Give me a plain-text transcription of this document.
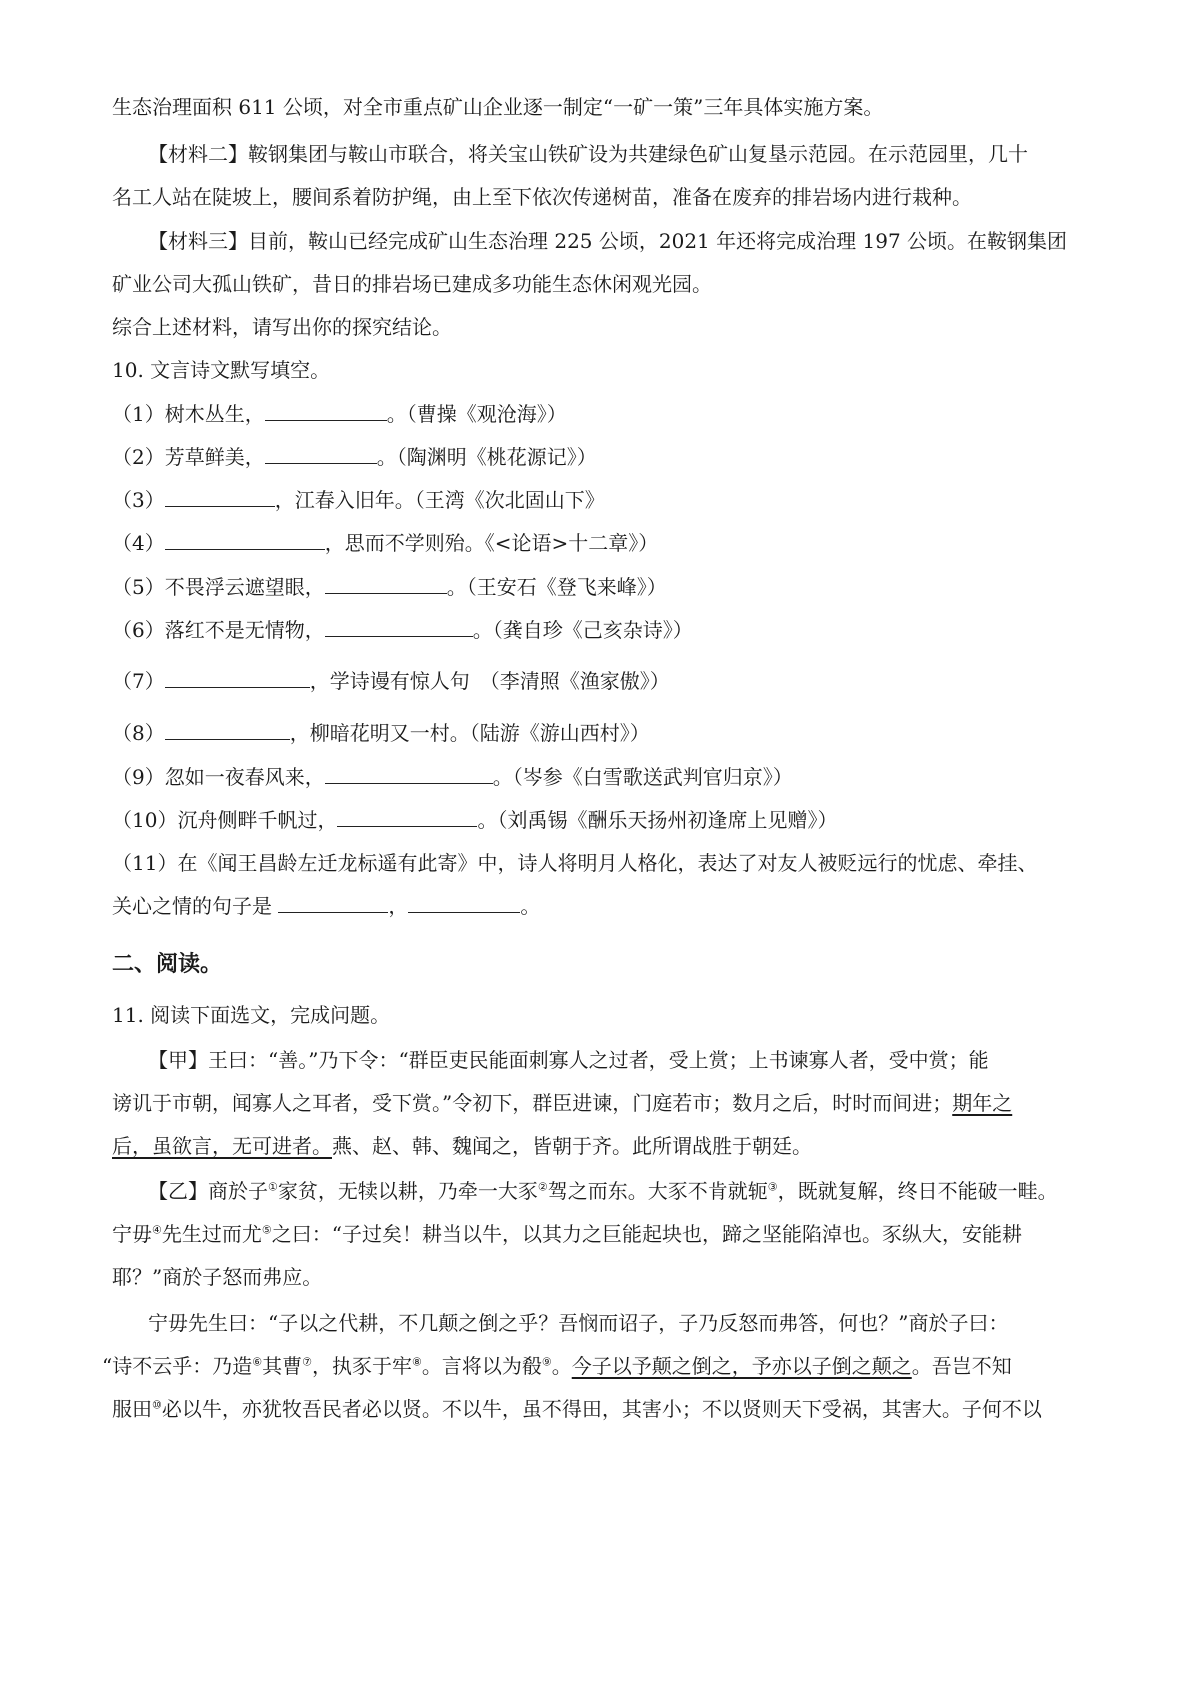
生态治理面积 611 公顷，对全市重点矿山企业逐一制定“一矿一策”三年具体实施方案。
【材料二】鞍钢集团与鞍山市联合，将关宝山铁矿设为共建绿色矿山复垦示范园。在示范园里，几十
名工人站在陡坡上，腰间系着防护绳，由上至下依次传递树苗，准备在废弃的排岩场内进行栽种。
【材料三】目前，鞍山已经完成矿山生态治理 225 公顷，2021 年还将完成治理 197 公顷。在鞍钢集团
矿业公司大孤山铁矿，昔日的排岩场已建成多功能生态休闲观光园。
综合上述材料，请写出你的探究结论。
10. 文言诗文默写填空。
（1）树木丛生，	。（曹操《观沧海》）
（2）芳草鲜美，	。（陶渊明《桃花源记》）
（3）	，江春入旧年。（王湾《次北固山下》
（4）	，思而不学则殆。《<论语>十二章》）
（5）不畏浮云遮望眼，	。（王安石《登飞来峰》）
（6）落红不是无情物，	。（龚自珍《己亥杂诗》）
（7）	，学诗谩有惊人句　（李清照《渔家傲》）
（8）	，柳暗花明又一村。（陆游《游山西村》）
（9）忽如一夜春风来，	。（岑参《白雪歌送武判官归京》）
（10）沉舟侧畔千帆过，	。（刘禹锡《酬乐天扬州初逢席上见赠》）
（11）在《闻王昌龄左迁龙标遥有此寄》中，诗人将明月人格化，表达了对友人被贬远行的忧虑、牵挂、
关心之情的句子是	，	。
二、阅读。
11. 阅读下面选文，完成问题。
【甲】王曰：“善。”乃下令：“群臣吏民能面刺寡人之过者，受上赏；上书谏寡人者，受中赏；能
谤讥于市朝，闻寡人之耳者，受下赏。”令初下，群臣进谏，门庭若市；数月之后，时时而间进；期年之
后，虽欲言，无可进者。燕、赵、韩、魏闻之，皆朝于齐。此所谓战胜于朝廷。
【乙】商於子①家贫，无犊以耕，乃牵一大豕②驾之而东。大豕不肯就轭③，既就复解，终日不能破一畦。
宁毋④先生过而尤⑤之曰：“子过矣！耕当以牛，以其力之巨能起块也，蹄之坚能陷淖也。豕纵大，安能耕
耶？”商於子怒而弗应。
宁毋先生曰：“子以之代耕，不几颠之倒之乎？吾悯而诏子，子乃反怒而弗答，何也？”商於子曰：
“诗不云乎：乃造⑥其曹⑦，执豕于牢⑧。言将以为殽⑨。今子以予颠之倒之，予亦以子倒之颠之。吾岂不知
服田⑩必以牛，亦犹牧吾民者必以贤。不以牛，虽不得田，其害小；不以贤则天下受祸，其害大。子何不以
